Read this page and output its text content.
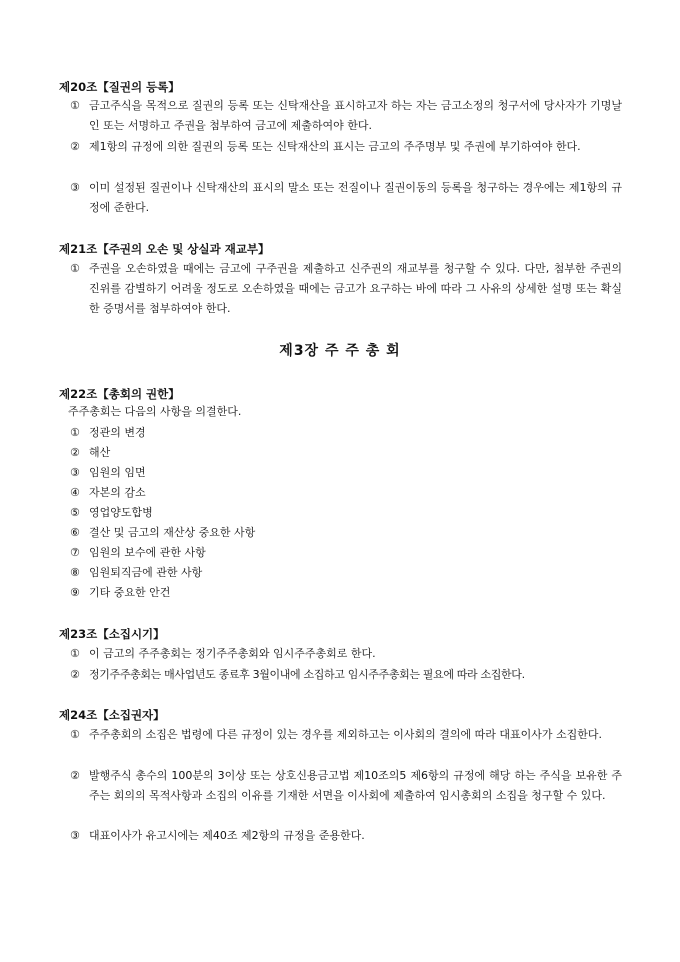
제20조【질권의 등록】
① 금고주식을 목적으로 질권의 등록 또는 신탁재산을 표시하고자 하는 자는 금고소정의 청구서에 당사자가 기명날인 또는 서명하고 주권을 첨부하여 금고에 제출하여야 한다.
② 제1항의 규정에 의한 질권의 등록 또는 신탁재산의 표시는 금고의 주주명부 및 주권에 부기하여야 한다.
③ 이미 설정된 질권이나 신탁재산의 표시의 말소 또는 전질이나 질권이동의 등록을 청구하는 경우에는 제1항의 규정에 준한다.
제21조【주권의 오손 및 상실과 재교부】
① 주권을 오손하였을 때에는 금고에 구주권을 제출하고 신주권의 재교부를 청구할 수 있다. 다만, 첨부한 주권의 진위를 감별하기 어려울 정도로 오손하였을 때에는 금고가 요구하는 바에 따라 그 사유의 상세한 설명 또는 확실한 증명서를 첨부하여야 한다.
제3장 주 주 총 회
제22조【총회의 권한】
주주총회는 다음의 사항을 의결한다.
① 정관의 변경
② 해산
③ 임원의 임면
④ 자본의 감소
⑤ 영업양도합병
⑥ 결산 및 금고의 재산상 중요한 사항
⑦ 임원의 보수에 관한 사항
⑧ 임원퇴직금에 관한 사항
⑨ 기타 중요한 안건
제23조【소집시기】
① 이 금고의 주주총회는 정기주주총회와 임시주주총회로 한다.
② 정기주주총회는 매사업년도 종료후 3월이내에 소집하고 임시주주총회는 필요에 따라 소집한다.
제24조【소집권자】
① 주주총회의 소집은 법령에 다른 규정이 있는 경우를 제외하고는 이사회의 결의에 따라 대표이사가 소집한다.
② 발행주식 총수의 100분의 3이상 또는 상호신용금고법 제10조의5 제6항의 규정에 해당 하는 주식을 보유한 주주는 회의의 목적사항과 소집의 이유를 기재한 서면을 이사회에 제출하여 임시총회의 소집을 청구할 수 있다.
③ 대표이사가 유고시에는 제40조 제2항의 규정을 준용한다.
